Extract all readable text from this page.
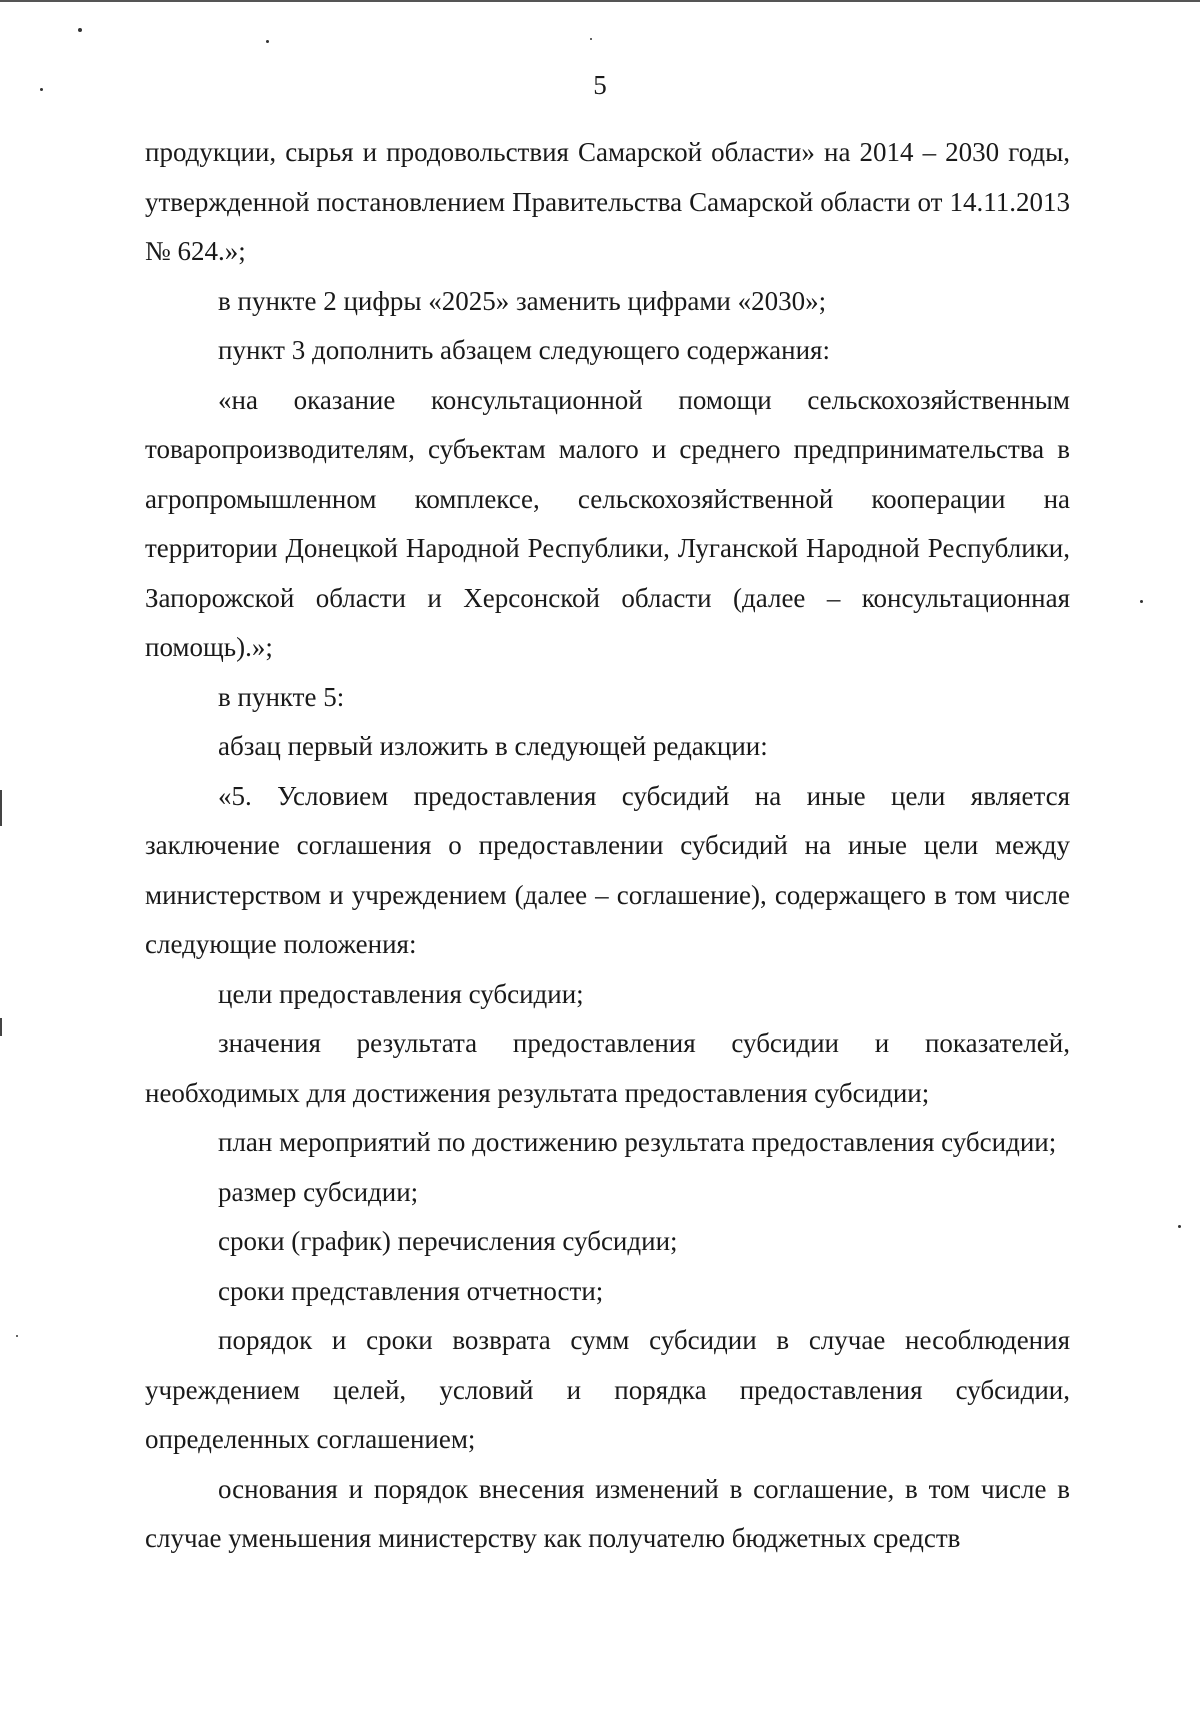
5

продукции, сырья и продовольствия Самарской области» на 2014 – 2030 годы, утвержденной постановлением Правительства Самарской области от 14.11.2013 № 624.»;

в пункте 2 цифры «2025» заменить цифрами «2030»;

пункт 3 дополнить абзацем следующего содержания:

«на оказание консультационной помощи сельскохозяйственным товаропроизводителям, субъектам малого и среднего предпринимательства в агропромышленном комплексе, сельскохозяйственной кооперации на территории Донецкой Народной Республики, Луганской Народной Республики, Запорожской области и Херсонской области (далее – консультационная помощь).»;

в пункте 5:

абзац первый изложить в следующей редакции:

«5. Условием предоставления субсидий на иные цели является заключение соглашения о предоставлении субсидий на иные цели между министерством и учреждением (далее – соглашение), содержащего в том числе следующие положения:

цели предоставления субсидии;

значения результата предоставления субсидии и показателей, необходимых для достижения результата предоставления субсидии;

план мероприятий по достижению результата предоставления субсидии;

размер субсидии;

сроки (график) перечисления субсидии;

сроки представления отчетности;

порядок и сроки возврата сумм субсидии в случае несоблюдения учреждением целей, условий и порядка предоставления субсидии, определенных соглашением;

основания и порядок внесения изменений в соглашение, в том числе в случае уменьшения министерству как получателю бюджетных средств
